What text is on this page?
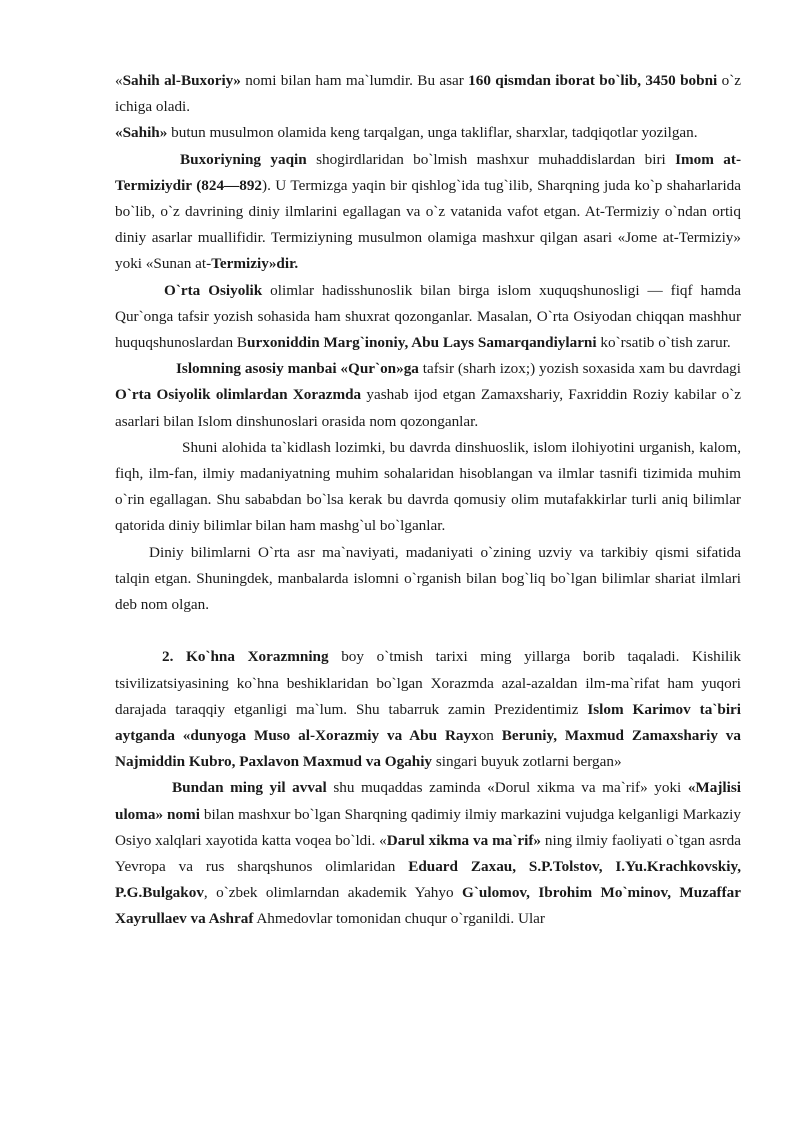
«Sahih al-Buxoriy» nomi bilan ham ma`lumdir. Bu asar 160 qismdan iborat bo`lib, 3450 bobni o`z ichiga oladi.

«Sahih» butun musulmon olamida keng tarqalgan, unga takliflar, sharxlar, tadqiqotlar yozilgan.

Buxoriyning yaqin shogirdlaridan bo`lmish mashxur muhaddislardan biri Imom at-Termiziydir (824—892). U Termizga yaqin bir qishlog`ida tug`ilib, Sharqning juda ko`p shaharlarida bo`lib, o`z davrining diniy ilmlarini egallagan va o`z vatanida vafot etgan. At-Termiziy o`ndan ortiq diniy asarlar muallifidir. Termiziyning musulmon olamiga mashxur qilgan asari «Jome at-Termiziy» yoki «Sunan at-Termiziy»dir.

O`rta Osiyolik olimlar hadisshunoslik bilan birga islom xuquqshunosligi — fiqf hamda Qur`onga tafsir yozish sohasida ham shuxrat qozonganlar. Masalan, O`rta Osiyodan chiqqan mashhur huquqshunoslardan Burxoniddin Marg`inoniy, Abu Lays Samarqandiylarni ko`rsatib o`tish zarur.

Islomning asosiy manbai «Qur`on»ga tafsir (sharh izox;) yozish soxasida xam bu davrdagi O`rta Osiyolik olimlardan Xorazmda yashab ijod etgan Zamaxshariy, Faxriddin Roziy kabilar o`z asarlari bilan Islom dinshunoslari orasida nom qozonganlar.

Shuni alohida ta`kidlash lozimki, bu davrda dinshuoslik, islom ilohiyotini urganish, kalom, fiqh, ilm-fan, ilmiy madaniyatning muhim sohalaridan hisoblangan va ilmlar tasnifi tizimida muhim o`rin egallagan. Shu sababdan bo`lsa kerak bu davrda qomusiy olim mutafakkirlar turli aniq bilimlar qatorida diniy bilimlar bilan ham mashg`ul bo`lganlar.

Diniy bilimlarni O`rta asr ma`naviyati, madaniyati o`zining uzviy va tarkibiy qismi sifatida talqin etgan. Shuningdek, manbalarda islomni o`rganish bilan bog`liq bo`lgan bilimlar shariat ilmlari deb nom olgan.

2. Ko`hna Xorazmning boy o`tmish tarixi ming yillarga borib taqaladi. Kishilik tsivilizatsiyasining ko`hna beshiklaridan bo`lgan Xorazmda azal-azaldan ilm-ma`rifat ham yuqori darajada taraqqiy etganligi ma`lum. Shu tabarruk zamin Prezidentimiz Islom Karimov ta`biri aytganda «dunyoga Muso al-Xorazmiy va Abu Rayxon Beruniy, Maxmud Zamaxshariy va Najmiddin Kubro, Paxlavon Maxmud va Ogahiy singari buyuk zotlarni bergan»

Bundan ming yil avval shu muqaddas zaminda «Dorul xikma va ma`rif» yoki «Majlisi uloma» nomi bilan mashxur bo`lgan Sharqning qadimiy ilmiy markazini vujudga kelganligi Markaziy Osiyo xalqlari xayotida katta voqea bo`ldi. «Darul xikma va ma`rif» ning ilmiy faoliyati o`tgan asrda Yevropa va rus sharqshunos olimlaridan Eduard Zaxau, S.P.Tolstov, I.Yu.Krachkovskiy, P.G.Bulgakov, o`zbek olimlarndan akademik Yahyo G`ulomov, Ibrohim Mo`minov, Muzaffar Xayrullaev va Ashraf Ahmedovlar tomonidan chuqur o`rganildi. Ular
